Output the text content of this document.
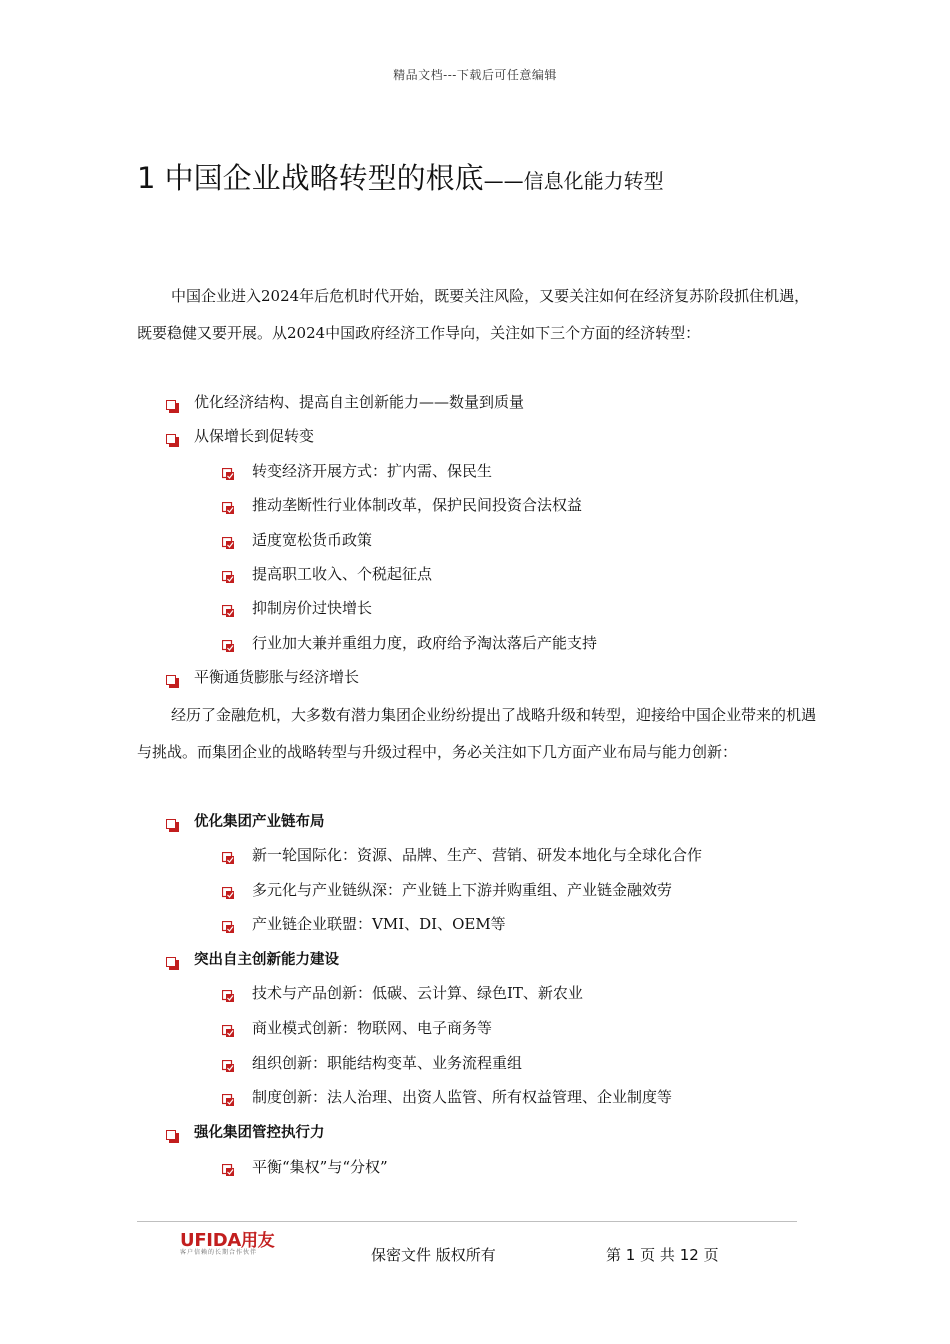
精品文档---下载后可任意编辑
1 中国企业战略转型的根底——信息化能力转型
中国企业进入2024年后危机时代开始，既要关注风险，又要关注如何在经济复苏阶段抓住机遇，既要稳健又要开展。从2024中国政府经济工作导向，关注如下三个方面的经济转型：
优化经济结构、提高自主创新能力——数量到质量
从保增长到促转变
转变经济开展方式：扩内需、保民生
推动垄断性行业体制改革，保护民间投资合法权益
适度宽松货币政策
提高职工收入、个税起征点
抑制房价过快增长
行业加大兼并重组力度，政府给予淘汰落后产能支持
平衡通货膨胀与经济增长
经历了金融危机，大多数有潜力集团企业纷纷提出了战略升级和转型，迎接给中国企业带来的机遇与挑战。而集团企业的战略转型与升级过程中，务必关注如下几方面产业布局与能力创新：
优化集团产业链布局
新一轮国际化：资源、品牌、生产、营销、研发本地化与全球化合作
多元化与产业链纵深：产业链上下游并购重组、产业链金融效劳
产业链企业联盟：VMI、DI、OEM等
突出自主创新能力建设
技术与产品创新：低碳、云计算、绿色IT、新农业
商业模式创新：物联网、电子商务等
组织创新：职能结构变革、业务流程重组
制度创新：法人治理、出资人监管、所有权益管理、企业制度等
强化集团管控执行力
平衡“集权”与“分权”
UFIDA用友
客户信赖的长期合作伙伴	保密文件 版权所有	第 1 页 共 12 页
